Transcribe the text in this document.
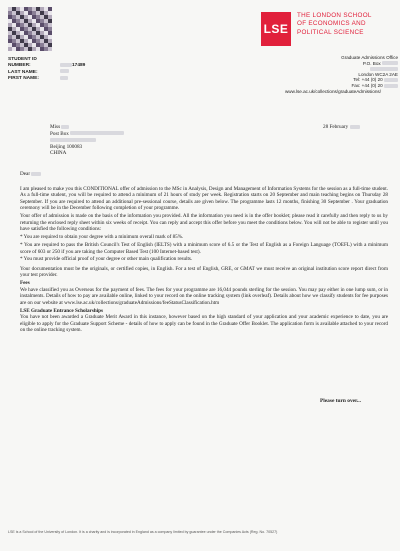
LSE
THE LONDON SCHOOL
OF ECONOMICS AND
POLITICAL SCIENCE
STUDENT ID NUMBER:	17489
LAST NAME:
FIRST NAME:
Graduate Admissions Office
P.O. Box
London WC2A 2AE
Tel: +44 (0) 20
Fax: +44 (0) 20
www.lse.ac.uk/collections/graduateAdmissions/
Miss
Post Box
Beijing 100083
CHINA
28 February
Dear

I am pleased to make you this CONDITIONAL offer of admission to the MSc in Analysis, Design and Management of Information Systems for the session as a full-time student. As a full-time student, you will be required to attend a minimum of 21 hours of study per week. Registration starts on 20 September and main teaching begins on Thursday 28 September. If you are required to attend an additional pre-sessional course, details are given below. The programme lasts 12 months, finishing 30 September . Your graduation ceremony will be in the December following completion of your programme.

Your offer of admission is made on the basis of the information you provided. All the information you need is in the offer booklet; please read it carefully and then reply to us by returning the enclosed reply sheet within six weeks of receipt. You can reply and accept this offer before you meet the conditions below. You will not be able to register until you have satisfied the following conditions:

* You are required to obtain your degree with a minimum overall mark of 85%.

* You are required to pass the British Council's Test of English (IELTS) with a minimum score of 6.5 or the Test of English as a Foreign Language (TOEFL) with a minimum score of 603 or 250 if you are taking the Computer Based Test (100 Internet-based test).

* You must provide official proof of your degree or other main qualification results.

Your documentation must be the originals, or certified copies, in English. For a test of English, GRE, or GMAT we must receive an original institution score report direct from your test provider.

Fees

We have classified you as Overseas for the payment of fees. The fees for your programme are 16,044 pounds sterling for the session. You may pay either in one lump sum, or in instalments. Details of how to pay are available online, linked to your record on the online tracking system (link overleaf). Details about how we classify students for fee purposes are on our website at www.lse.ac.uk/collections/graduateAdmissions/feeStatusClassification.htm

LSE Graduate Entrance Scholarships

You have not been awarded a Graduate Merit Award in this instance, however based on the high standard of your application and your academic experience to date, you are eligible to apply for the Graduate Support Scheme - details of how to apply can be found in the Graduate Offer Booklet. The application form is available attached to your record on the online tracking system.

Please turn over...
LSE is a School of the University of London. It is a charity and is incorporated in England as a company limited by guarantee under the Companies Acts (Reg. No. 70527)
